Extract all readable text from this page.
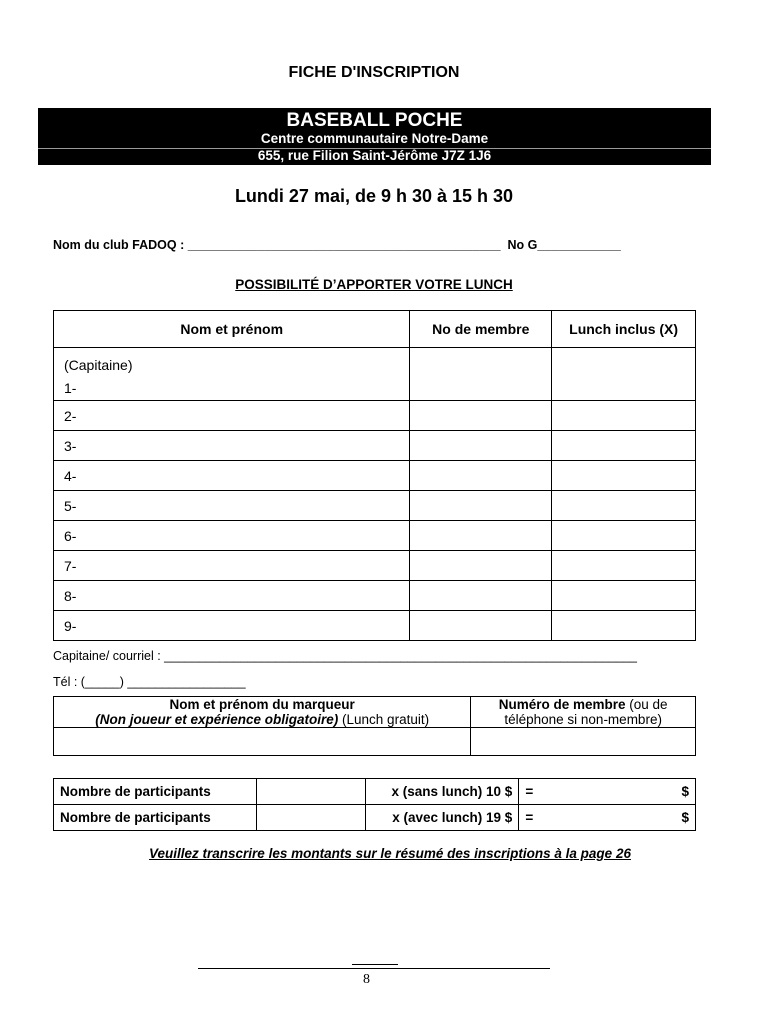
FICHE D'INSCRIPTION
BASEBALL POCHE
Centre communautaire Notre-Dame
655, rue Filion Saint-Jérôme J7Z 1J6
Lundi 27 mai, de 9 h 30 à 15 h 30
Nom du club FADOQ : _____________________________________________  No G____________
POSSIBILITÉ D’APPORTER VOTRE LUNCH
Nom et prénom	No de membre	Lunch inclus (X)

(Capitaine)
1-		

2-		
3-		
4-		
5-		
6-		
7-		
8-		
9-		
Capitaine/ courriel : ____________________________________________________________________
Tél : (_____) _________________
Nom et prénom du marqueur
(Non joueur et expérience obligatoire) (Lunch gratuit)	Numéro de membre (ou de
téléphone si non-membre)

Nombre de participants		x (sans lunch) 10 $	= $

Nombre de participants		x (avec lunch) 19 $	= $
Veuillez transcrire les montants sur le résumé des inscriptions à la page 26
8
